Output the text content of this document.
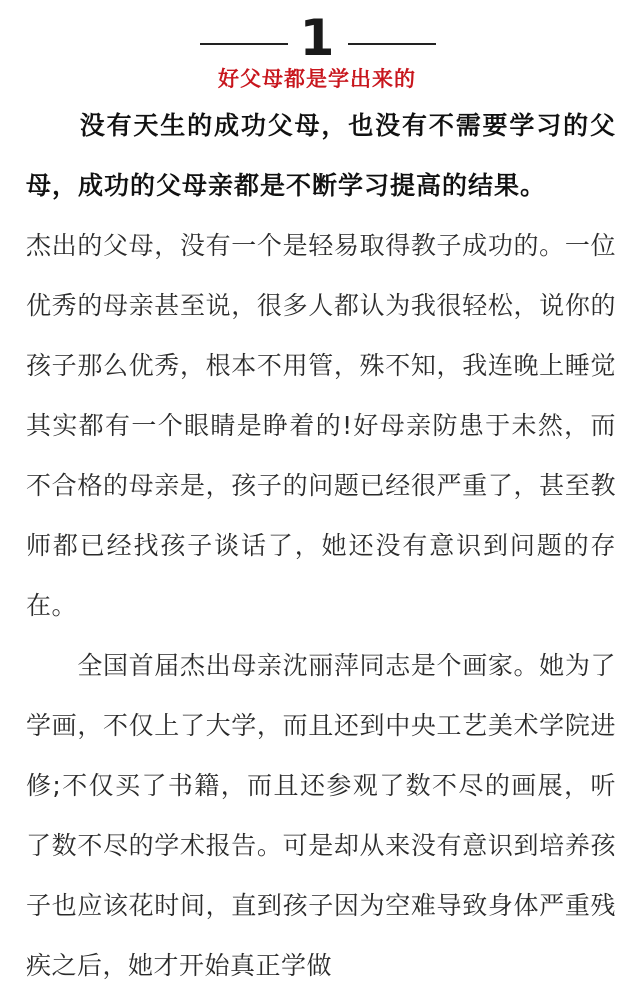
1
好父母都是学出来的

　　没有天生的成功父母，也没有不需要学习的父母，成功的父母亲都是不断学习提高的结果。

杰出的父母，没有一个是轻易取得教子成功的。一位优秀的母亲甚至说，很多人都认为我很轻松，说你的孩子那么优秀，根本不用管，殊不知，我连晚上睡觉其实都有一个眼睛是睁着的!好母亲防患于未然，而不合格的母亲是，孩子的问题已经很严重了，甚至教师都已经找孩子谈话了，她还没有意识到问题的存在。

　　全国首届杰出母亲沈丽萍同志是个画家。她为了学画，不仅上了大学，而且还到中央工艺美术学院进修;不仅买了书籍，而且还参观了数不尽的画展，听了数不尽的学术报告。可是却从来没有意识到培养孩子也应该花时间，直到孩子因为空难导致身体严重残疾之后，她才开始真正学做
